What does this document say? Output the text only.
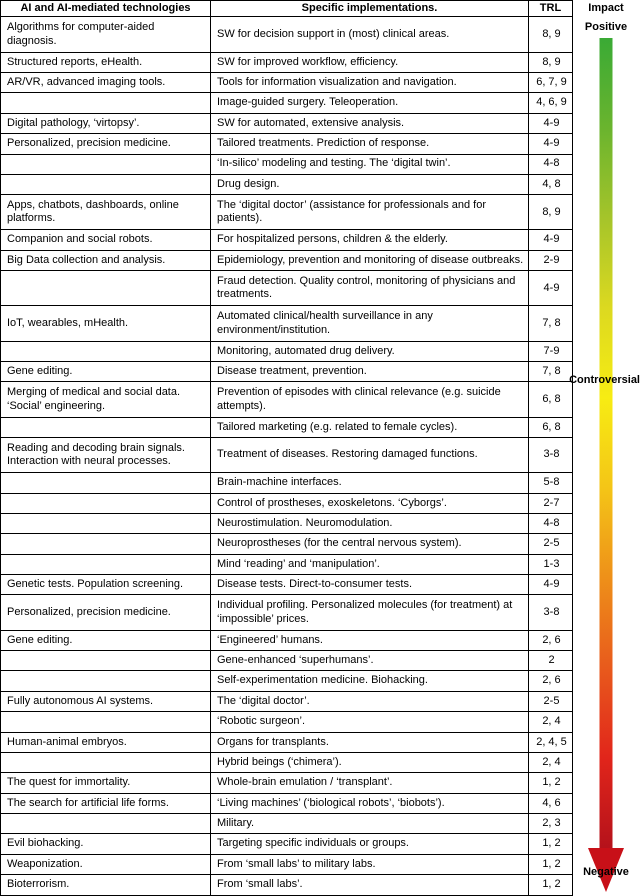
AI and AI-mediated technologies	Specific implementations.	TRL
Algorithms for computer-aided diagnosis.	SW for decision support in (most) clinical areas.	8, 9
Structured reports, eHealth.	SW for improved workflow, efficiency.	8, 9
AR/VR, advanced imaging tools.	Tools for information visualization and navigation.	6, 7, 9
	Image-guided surgery. Teleoperation.	4, 6, 9
Digital pathology, ‘virtopsy’.	SW for automated, extensive analysis.	4-9
Personalized, precision medicine.	Tailored treatments. Prediction of response.	4-9
	‘In-silico’ modeling and testing. The ‘digital twin’.	4-8
	Drug design.	4, 8
Apps, chatbots, dashboards, online platforms.	The ‘digital doctor’ (assistance for professionals and for patients).	8, 9
Companion and social robots.	For hospitalized persons, children & the elderly.	4-9
Big Data collection and analysis.	Epidemiology, prevention and monitoring of disease outbreaks.	2-9
	Fraud detection. Quality control, monitoring of physicians and treatments.	4-9
IoT, wearables, mHealth.	Automated clinical/health surveillance in any environment/institution.	7, 8
	Monitoring, automated drug delivery.	7-9
Gene editing.	Disease treatment, prevention.	7, 8
Merging of medical and social data. ‘Social’ engineering.	Prevention of episodes with clinical relevance (e.g. suicide attempts).	6, 8
	Tailored marketing (e.g. related to female cycles).	6, 8
Reading and decoding brain signals. Interaction with neural processes.	Treatment of diseases. Restoring damaged functions.	3-8
	Brain-machine interfaces.	5-8
	Control of prostheses, exoskeletons. ‘Cyborgs’.	2-7
	Neurostimulation. Neuromodulation.	4-8
	Neuroprostheses (for the central nervous system).	2-5
	Mind ‘reading’ and ‘manipulation’.	1-3
Genetic tests. Population screening.	Disease tests. Direct-to-consumer tests.	4-9
Personalized, precision medicine.	Individual profiling. Personalized molecules (for treatment) at ‘impossible’ prices.	3-8
Gene editing.	‘Engineered’ humans.	2, 6
	Gene-enhanced ‘superhumans’.	2
	Self-experimentation medicine. Biohacking.	2, 6
Fully autonomous AI systems.	The ‘digital doctor’.	2-5
	‘Robotic surgeon’.	2, 4
Human-animal embryos.	Organs for transplants.	2, 4, 5
	Hybrid beings (‘chimera’).	2, 4
The quest for immortality.	Whole-brain emulation / ‘transplant’.	1, 2
The search for artificial life forms.	‘Living machines’ (‘biological robots’, ‘biobots’).	4, 6
	Military.	2, 3
Evil biohacking.	Targeting specific individuals or groups.	1, 2
Weaponization.	From ‘small labs’ to military labs.	1, 2
Bioterrorism.	From ‘small labs’.	1, 2
Impact
Positive
Controversial
Negative
